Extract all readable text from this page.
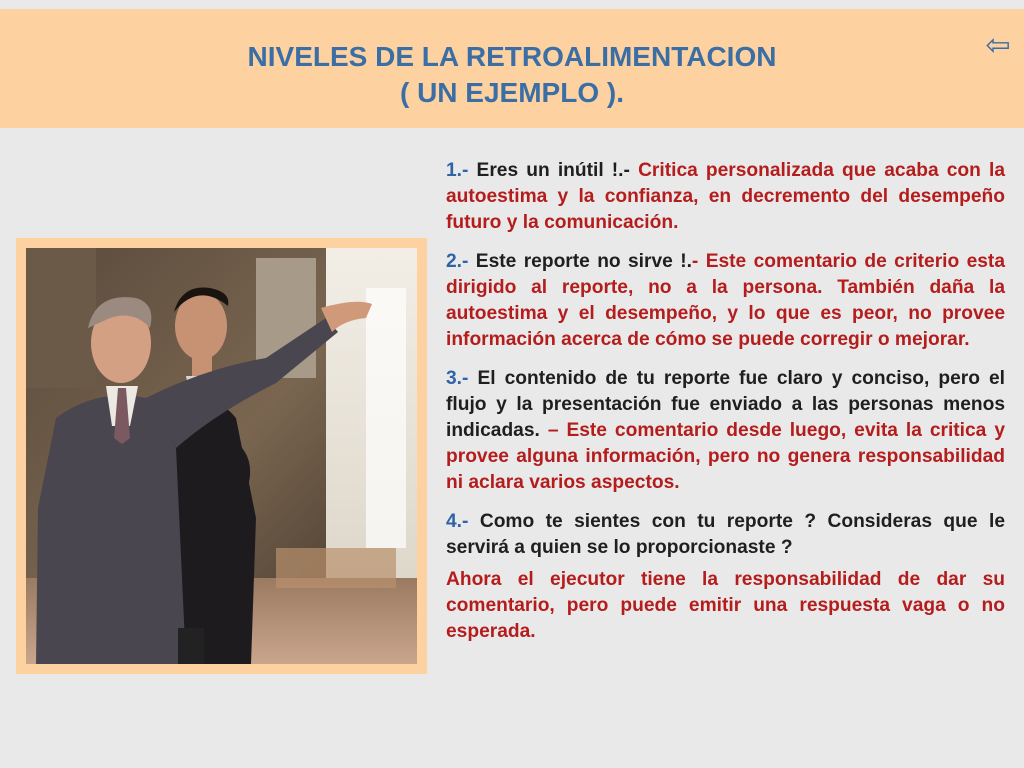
NIVELES DE LA RETROALIMENTACION
( UN EJEMPLO ).
⇦

1.- Eres un inútil !.- Critica personalizada que acaba con la autoestima y la confianza, en decremento del desempeño futuro y la comunicación.

2.- Este reporte no sirve !.- Este comentario de criterio esta dirigido al reporte, no a la persona. También daña la autoestima y el desempeño, y lo que es peor, no provee información acerca de cómo se puede corregir o mejorar.

3.- El contenido de tu reporte fue claro y conciso, pero el flujo y la presentación fue enviado a las personas menos indicadas. – Este comentario desde luego, evita la critica y provee alguna información, pero no genera responsabilidad ni aclara varios aspectos.

4.- Como te sientes con tu reporte ? Consideras que le servirá a quien se lo proporcionaste ?

Ahora el ejecutor tiene la responsabilidad de dar su comentario, pero puede emitir una respuesta vaga o no esperada.
